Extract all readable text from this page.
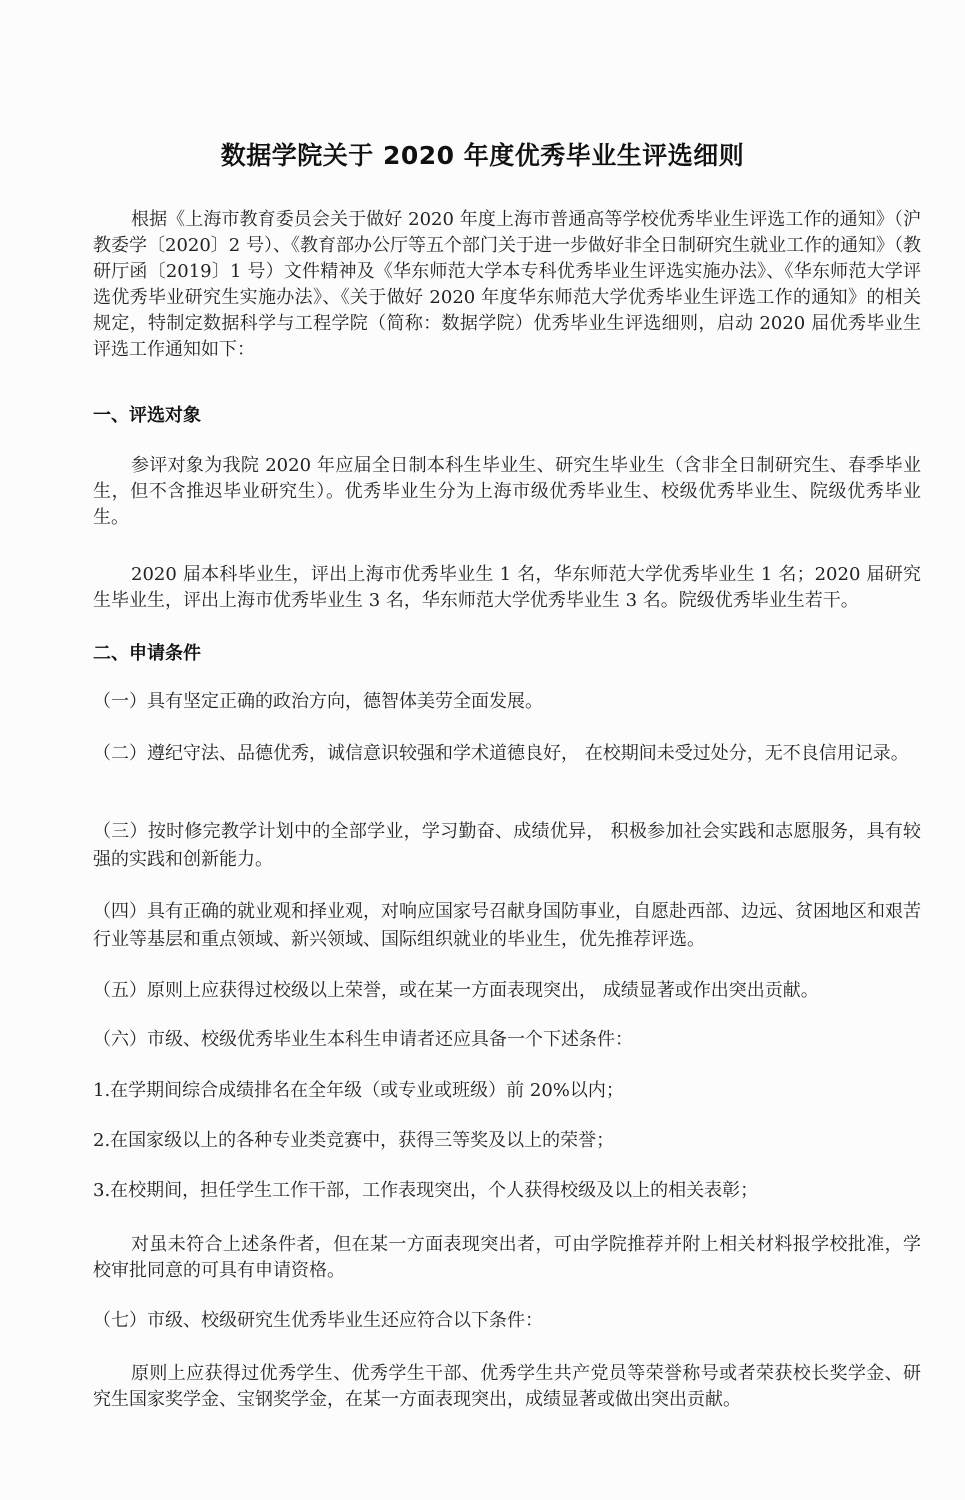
数据学院关于 2020 年度优秀毕业生评选细则
根据《上海市教育委员会关于做好 2020 年度上海市普通高等学校优秀毕业生评选工作的通知》（沪教委学〔2020〕2 号）、《教育部办公厅等五个部门关于进一步做好非全日制研究生就业工作的通知》（教研厅函〔2019〕1 号）文件精神及《华东师范大学本专科优秀毕业生评选实施办法》、《华东师范大学评选优秀毕业研究生实施办法》、《关于做好 2020 年度华东师范大学优秀毕业生评选工作的通知》的相关规定，特制定数据科学与工程学院（简称：数据学院）优秀毕业生评选细则，启动 2020 届优秀毕业生评选工作通知如下：
一、评选对象
参评对象为我院 2020 年应届全日制本科生毕业生、研究生毕业生（含非全日制研究生、春季毕业生，但不含推迟毕业研究生）。优秀毕业生分为上海市级优秀毕业生、校级优秀毕业生、院级优秀毕业生。
2020 届本科毕业生，评出上海市优秀毕业生 1 名，华东师范大学优秀毕业生 1 名；2020 届研究生毕业生，评出上海市优秀毕业生 3 名，华东师范大学优秀毕业生 3 名。院级优秀毕业生若干。
二、申请条件
（一）具有坚定正确的政治方向，德智体美劳全面发展。
（二）遵纪守法、品德优秀，诚信意识较强和学术道德良好， 在校期间未受过处分，无不良信用记录。
（三）按时修完教学计划中的全部学业，学习勤奋、成绩优异， 积极参加社会实践和志愿服务，具有较强的实践和创新能力。
（四）具有正确的就业观和择业观，对响应国家号召献身国防事业，自愿赴西部、边远、贫困地区和艰苦行业等基层和重点领域、新兴领域、国际组织就业的毕业生，优先推荐评选。
（五）原则上应获得过校级以上荣誉，或在某一方面表现突出， 成绩显著或作出突出贡献。
（六）市级、校级优秀毕业生本科生申请者还应具备一个下述条件：
1.在学期间综合成绩排名在全年级（或专业或班级）前 20%以内；
2.在国家级以上的各种专业类竞赛中，获得三等奖及以上的荣誉；
3.在校期间，担任学生工作干部，工作表现突出，个人获得校级及以上的相关表彰；
对虽未符合上述条件者，但在某一方面表现突出者，可由学院推荐并附上相关材料报学校批准，学校审批同意的可具有申请资格。
（七）市级、校级研究生优秀毕业生还应符合以下条件：
原则上应获得过优秀学生、优秀学生干部、优秀学生共产党员等荣誉称号或者荣获校长奖学金、研究生国家奖学金、宝钢奖学金，在某一方面表现突出，成绩显著或做出突出贡献。
